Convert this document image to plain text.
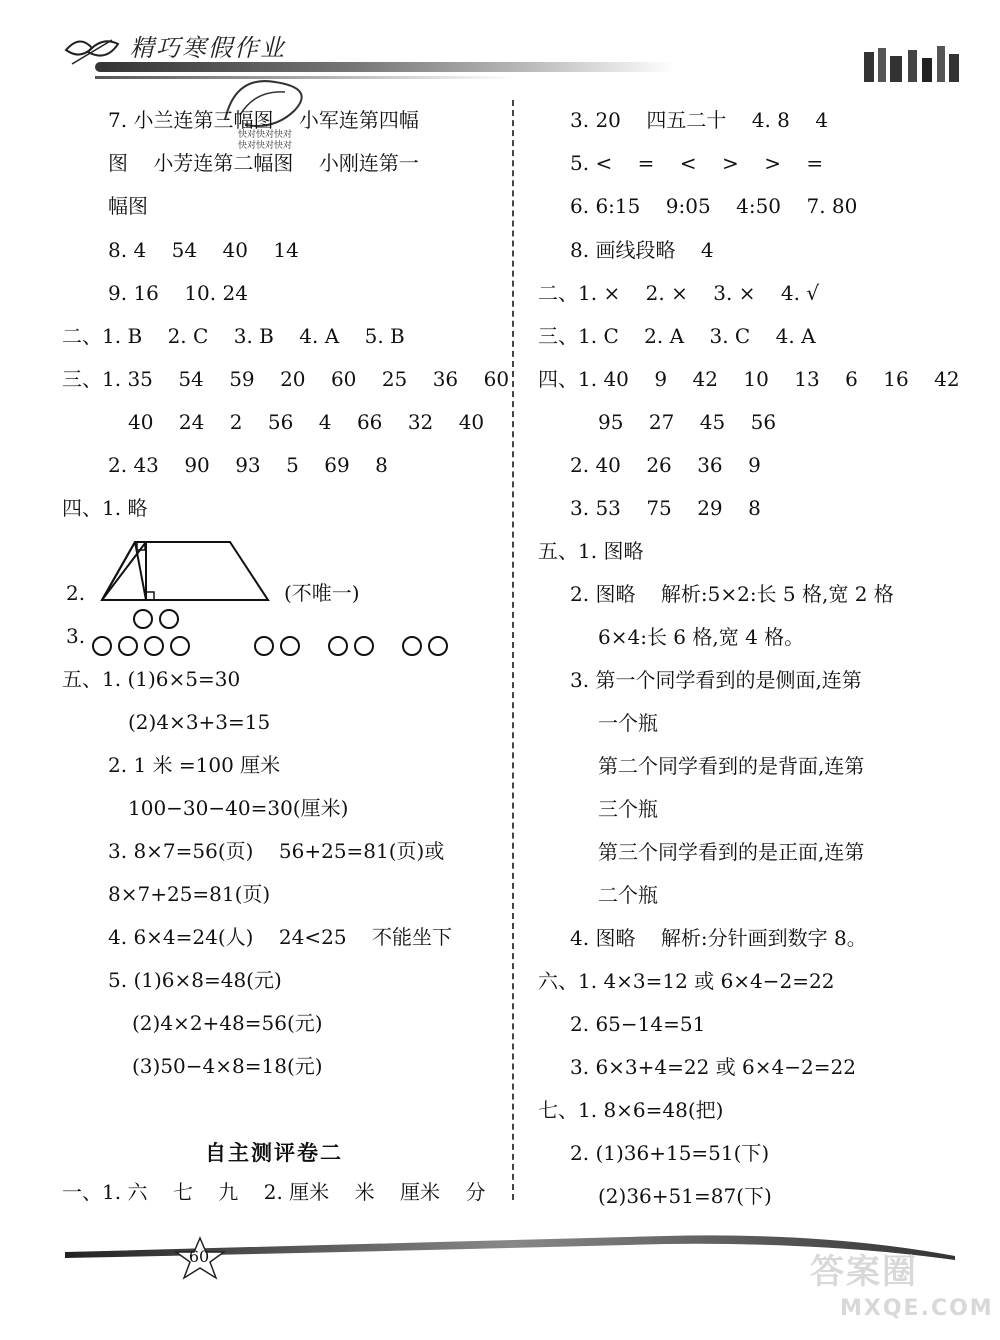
精巧寒假作业
快对快对快对
快对快对快对
7. 小兰连第三幅图    小军连第四幅
图    小芳连第二幅图    小刚连第一
幅图
8. 4    54    40    14
9. 16    10. 24
二、1. B    2. C    3. B    4. A    5. B
三、1. 35    54    59    20    60    25    36    60
40    24    2    56    4    66    32    40
2. 43    90    93    5    69    8
四、1. 略
2.	(不唯一)
3.
五、1. (1)6×5=30
(2)4×3+3=15
2. 1 米 =100 厘米
100−30−40=30(厘米)
3. 8×7=56(页)    56+25=81(页)或
8×7+25=81(页)
4. 6×4=24(人)    24<25    不能坐下
5. (1)6×8=48(元)
(2)4×2+48=56(元)
(3)50−4×8=18(元)
一、1. 六    七    九    2. 厘米    米    厘米    分
自主测评卷二
3. 20    四五二十    4. 8    4
5. <    =    <    >    >    =
6. 6:15    9:05    4:50    7. 80
8. 画线段略    4
二、1. ×    2. ×    3. ×    4. √
三、1. C    2. A    3. C    4. A
四、1. 40    9    42    10    13    6    16    42
95    27    45    56
2. 40    26    36    9
3. 53    75    29    8
五、1. 图略
2. 图略    解析:5×2:长 5 格,宽 2 格
6×4:长 6 格,宽 4 格。
3. 第一个同学看到的是侧面,连第
一个瓶
第二个同学看到的是背面,连第
三个瓶
第三个同学看到的是正面,连第
二个瓶
4. 图略    解析:分针画到数字 8。
六、1. 4×3=12 或 6×4−2=22
2. 65−14=51
3. 6×3+4=22 或 6×4−2=22
七、1. 8×6=48(把)
2. (1)36+15=51(下)
(2)36+51=87(下)
60	答案圈
MXQE.COM
